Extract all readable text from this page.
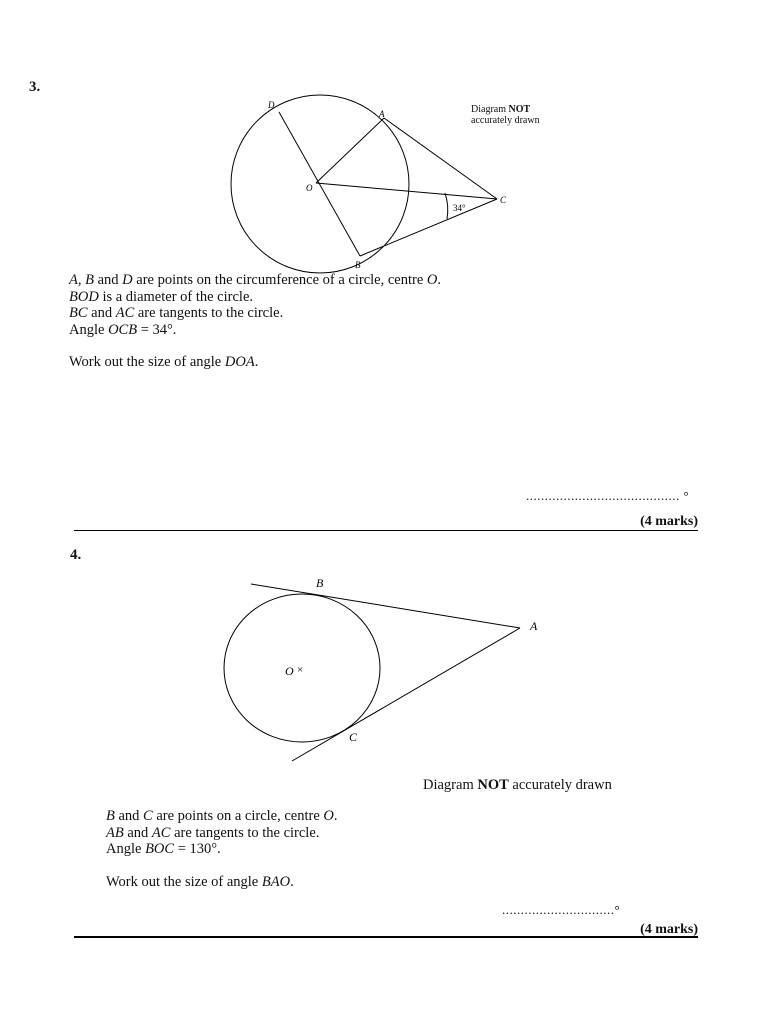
3.
D
A
O
C
B
34°
Diagram NOT
accurately drawn
A, B and D are points on the circumference of a circle, centre O.
BOD is a diameter of the circle.
BC and AC are tangents to the circle.
Angle OCB = 34°.
Work out the size of angle DOA.
......................................... °
(4 marks)
4.
B
A
O ×
C
Diagram NOT accurately drawn
B and C are points on a circle, centre O.
AB and AC are tangents to the circle.
Angle BOC = 130°.
Work out the size of angle BAO.
..............................°
(4 marks)
